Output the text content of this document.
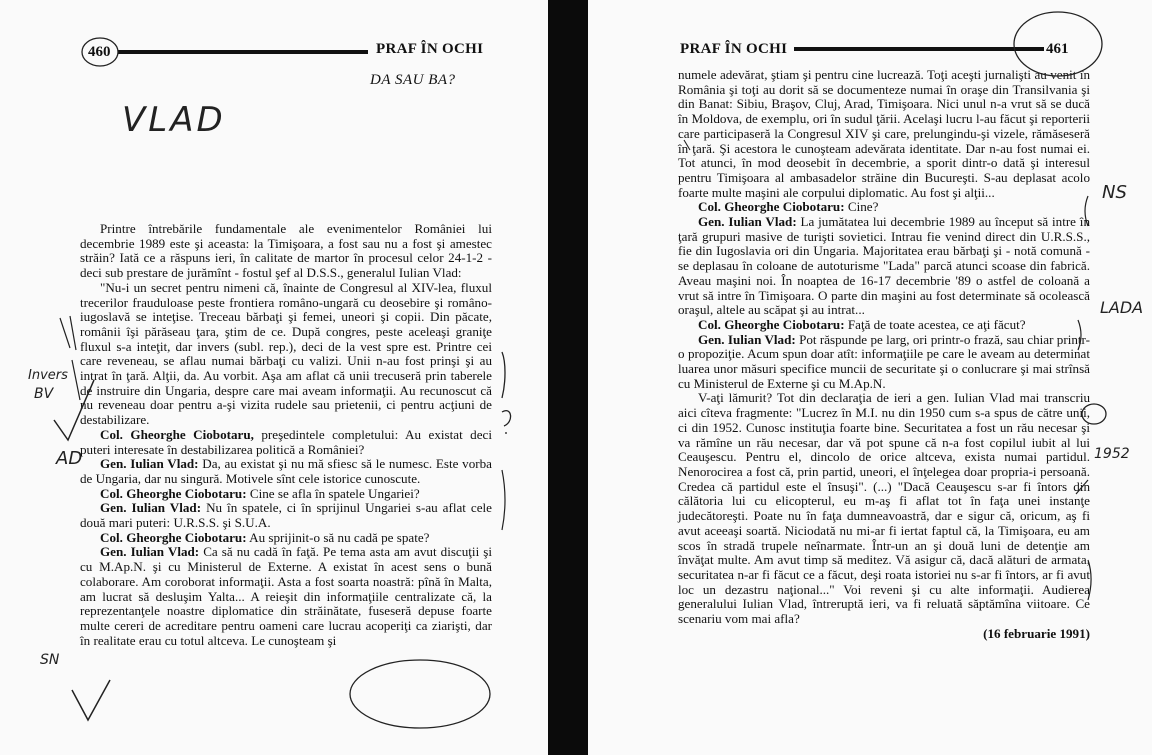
460	PRAF ÎN OCHI
DA SAU BA?
VLAD
Invers
BV
AD
SN

Printre întrebările fundamentale ale evenimentelor României lui decembrie 1989 este şi aceasta: la Timişoara, a fost sau nu a fost şi amestec străin? Iată ce a răspuns ieri, în calitate de martor în procesul celor 24-1-2 - deci sub prestare de jurămînt - fostul şef al D.S.S., generalul Iulian Vlad:

"Nu-i un secret pentru nimeni că, înainte de Congresul al XIV-lea, fluxul trecerilor frauduloase peste frontiera româno-ungară cu deosebire şi româno-iugoslavă se inteţise. Treceau bărbaţi şi femei, uneori şi copii. Din păcate, românii îşi părăseau ţara, ştim de ce. După congres, peste aceleaşi graniţe fluxul s-a inteţit, dar invers (subl. rep.), deci de la vest spre est. Printre cei care reveneau, se aflau numai bărbaţi cu valizi. Unii n-au fost prinşi şi au intrat în ţară. Alţii, da. Au vorbit. Aşa am aflat că unii trecuseră prin taberele de instruire din Ungaria, despre care mai aveam informaţii. Au recunoscut că nu reveneau doar pentru a-şi vizita rudele sau prietenii, ci pentru acţiuni de destabilizare.

Col. Gheorghe Ciobotaru, preşedintele completului: Au existat deci puteri interesate în destabilizarea politică a României?

Gen. Iulian Vlad: Da, au existat şi nu mă sfiesc să le numesc. Este vorba de Ungaria, dar nu singură. Motivele sînt cele istorice cunoscute.

Col. Gheorghe Ciobotaru: Cine se afla în spatele Ungariei?

Gen. Iulian Vlad: Nu în spatele, ci în sprijinul Ungariei s-au aflat cele două mari puteri: U.R.S.S. şi S.U.A.

Col. Gheorghe Ciobotaru: Au sprijinit-o să nu cadă pe spate?

Gen. Iulian Vlad: Ca să nu cadă în faţă. Pe tema asta am avut discuţii şi cu M.Ap.N. şi cu Ministerul de Externe. A existat în acest sens o bună colaborare. Am coroborat informaţii. Asta a fost soarta noastră: pînă în Malta, am lucrat să desluşim Yalta... A reieşit din informaţiile centralizate că, la reprezentanţele noastre diplomatice din străinătate, fuseseră depuse foarte multe cereri de acreditare pentru oameni care lucrau acoperiţi ca ziarişti, dar în realitate erau cu totul altceva. Le cunoşteam şi

PRAF ÎN OCHI	461
NS
LADA
1952

numele adevărat, ştiam şi pentru cine lucrează. Toţi aceşti jurnalişti au venit în România şi toţi au dorit să se documenteze numai în oraşe din Transilvania şi din Banat: Sibiu, Braşov, Cluj, Arad, Timişoara. Nici unul n-a vrut să se ducă în Moldova, de exemplu, ori în sudul ţării. Acelaşi lucru l-au făcut şi reporterii care participaseră la Congresul XIV şi care, prelungindu-şi vizele, rămăseseră în ţară. Şi acestora le cunoşteam adevărata identitate. Dar n-au fost numai ei. Tot atunci, în mod deosebit în decembrie, a sporit dintr-o dată şi interesul pentru Timişoara al ambasadelor străine din Bucureşti. S-au deplasat acolo foarte multe maşini ale corpului diplomatic. Au fost şi alţii...

Col. Gheorghe Ciobotaru: Cine?

Gen. Iulian Vlad: La jumătatea lui decembrie 1989 au început să intre în ţară grupuri masive de turişti sovietici. Intrau fie venind direct din U.R.S.S., fie din Iugoslavia ori din Ungaria. Majoritatea erau bărbaţi şi - notă comună - se deplasau în coloane de autoturisme "Lada" parcă atunci scoase din fabrică. Aveau maşini noi. În noaptea de 16-17 decembrie '89 o astfel de coloană a vrut să intre în Timişoara. O parte din maşini au fost determinate să ocolească oraşul, altele au scăpat şi au intrat...

Col. Gheorghe Ciobotaru: Faţă de toate acestea, ce aţi făcut?

Gen. Iulian Vlad: Pot răspunde pe larg, ori printr-o frază, sau chiar printr-o propoziţie. Acum spun doar atît: informaţiile pe care le aveam au determinat luarea unor măsuri specifice muncii de securitate şi o conlucrare şi mai strînsă cu Ministerul de Externe şi cu M.Ap.N.

V-aţi lămurit? Tot din declaraţia de ieri a gen. Iulian Vlad mai transcriu aici cîteva fragmente: "Lucrez în M.I. nu din 1950 cum s-a spus de către unii, ci din 1952. Cunosc instituţia foarte bine. Securitatea a fost un rău necesar şi va rămîne un rău necesar, dar vă pot spune că n-a fost copilul iubit al lui Ceauşescu. Pentru el, dincolo de orice altceva, exista numai partidul. Nenorocirea a fost că, prin partid, uneori, el înţelegea doar propria-i persoană. Credea că partidul este el însuşi". (...) "Dacă Ceauşescu s-ar fi întors din călătoria lui cu elicopterul, eu m-aş fi aflat tot în faţa unei instanţe judecătoreşti. Poate nu în faţa dumneavoastră, dar e sigur că, oricum, aş fi avut aceeaşi soartă. Niciodată nu mi-ar fi iertat faptul că, la Timişoara, eu am scos în stradă trupele neînarmate. Într-un an şi două luni de detenţie am învăţat multe. Am avut timp să meditez. Vă asigur că, dacă alături de armata, securitatea n-ar fi făcut ce a făcut, deşi roata istoriei nu s-ar fi întors, ar fi avut loc un dezastru naţional..." Voi reveni şi cu alte informaţii. Audierea generalului Iulian Vlad, întreruptă ieri, va fi reluată săptămîna viitoare. Ce scenariu vom mai afla?

(16 februarie 1991)
